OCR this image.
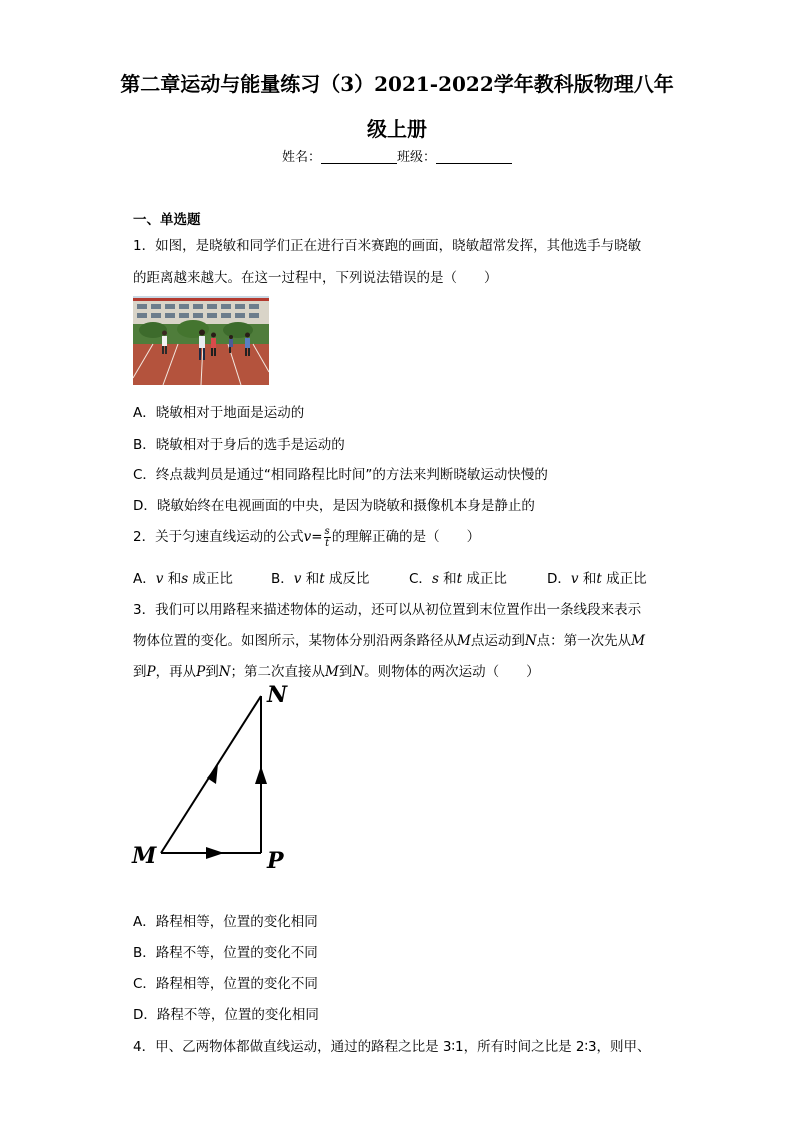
第二章运动与能量练习（3）2021-2022学年教科版物理八年
级上册
姓名：	班级：
一、单选题
1．如图，是晓敏和同学们正在进行百米赛跑的画面，晓敏超常发挥，其他选手与晓敏
的距离越来越大。在这一过程中，下列说法错误的是（　　）
A．晓敏相对于地面是运动的
B．晓敏相对于身后的选手是运动的
C．终点裁判员是通过“相同路程比时间”的方法来判断晓敏运动快慢的
D．晓敏始终在电视画面的中央，是因为晓敏和摄像机本身是静止的
2．关于匀速直线运动的公式$v= \frac{s}{t}$ 的理解正确的是（　　）
A．v 和s 成正比	B．v 和t 成反比	C．s 和t 成正比	D．v 和t 成正比
3．我们可以用路程来描述物体的运动，还可以从初位置到末位置作出一条线段来表示
物体位置的变化。如图所示，某物体分别沿两条路径从M点运动到N点：第一次先从M
到P，再从P到N；第二次直接从M到N。则物体的两次运动（　　）
N
M	P
A．路程相等，位置的变化相同
B．路程不等，位置的变化不同
C．路程相等，位置的变化不同
D．路程不等，位置的变化相同
4．甲、乙两物体都做直线运动，通过的路程之比是 3∶1，所有时间之比是 2∶3，则甲、
